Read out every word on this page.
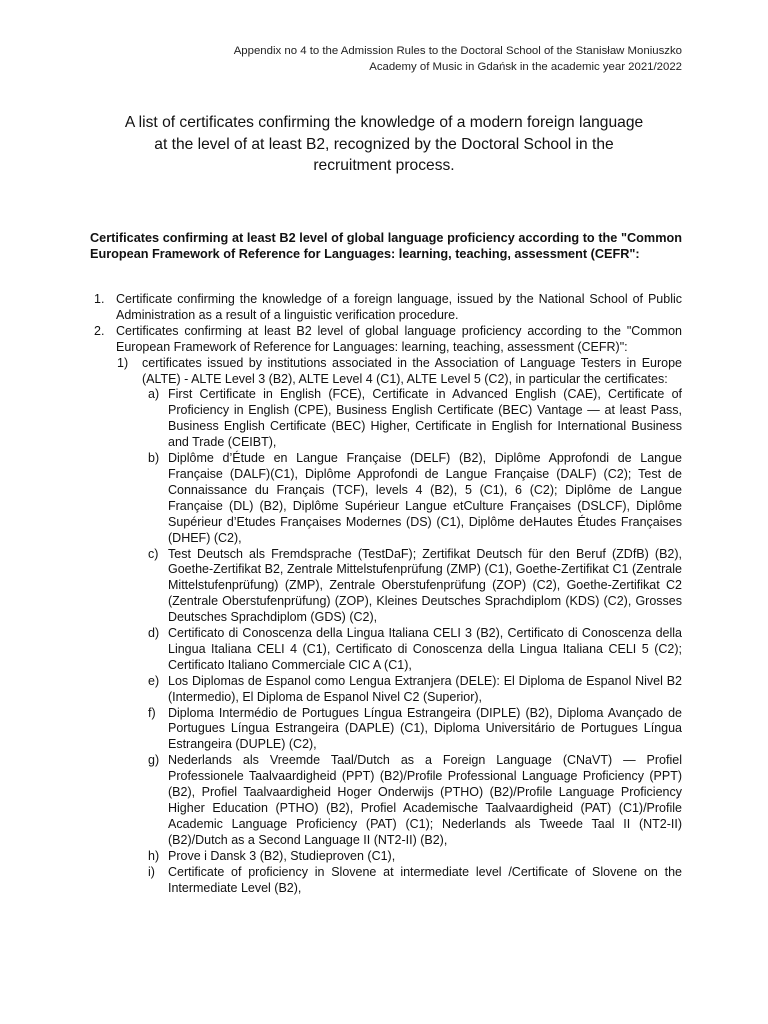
Appendix no 4 to the Admission Rules to the Doctoral School of the Stanisław Moniuszko
Academy of Music in Gdańsk in the academic year 2021/2022
A list of certificates confirming the knowledge of a modern foreign language
at the level of at least B2, recognized by the Doctoral School in the
recruitment process.
Certificates confirming at least B2 level of global language proficiency according to the "Common European Framework of Reference for Languages: learning, teaching, assessment (CEFR":
1. Certificate confirming the knowledge of a foreign language, issued by the National School of Public Administration as a result of a linguistic verification procedure.
2. Certificates confirming at least B2 level of global language proficiency according to the "Common European Framework of Reference for Languages: learning, teaching, assessment (CEFR)":
1) certificates issued by institutions associated in the Association of Language Testers in Europe (ALTE) - ALTE Level 3 (B2), ALTE Level 4 (C1), ALTE Level 5 (C2), in particular the certificates:
a) First Certificate in English (FCE), Certificate in Advanced English (CAE), Certificate of Proficiency in English (CPE), Business English Certificate (BEC) Vantage — at least Pass, Business English Certificate (BEC) Higher, Certificate in English for International Business and Trade (CEIBT),
b) Diplôme d’Étude en Langue Française (DELF) (B2), Diplôme Approfondi de Langue Française (DALF)(C1), Diplôme Approfondi de Langue Française (DALF) (C2); Test de Connaissance du Français (TCF), levels 4 (B2), 5 (C1), 6 (C2); Diplôme de Langue Française (DL) (B2), Diplôme Supérieur Langue etCulture Françaises (DSLCF), Diplôme Supérieur d’Etudes Françaises Modernes (DS) (C1), Diplôme deHautes Études Françaises (DHEF) (C2),
c) Test Deutsch als Fremdsprache (TestDaF); Zertifikat Deutsch für den Beruf (ZDfB) (B2), Goethe-Zertifikat B2, Zentrale Mittelstufenprüfung (ZMP) (C1), Goethe-Zertifikat C1 (Zentrale Mittelstufenprüfung) (ZMP), Zentrale Oberstufenprüfung (ZOP) (C2), Goethe-Zertifikat C2 (Zentrale Oberstufenprüfung) (ZOP), Kleines Deutsches Sprachdiplom (KDS) (C2), Grosses Deutsches Sprachdiplom (GDS) (C2),
d) Certificato di Conoscenza della Lingua Italiana CELI 3 (B2), Certificato di Conoscenza della Lingua Italiana CELI 4 (C1), Certificato di Conoscenza della Lingua Italiana CELI 5 (C2); Certificato Italiano Commerciale CIC A (C1),
e) Los Diplomas de Espanol como Lengua Extranjera (DELE): El Diploma de Espanol Nivel B2 (Intermedio), El Diploma de Espanol Nivel C2 (Superior),
f) Diploma Intermédio de Portugues Língua Estrangeira (DIPLE) (B2), Diploma Avançado de Portugues Língua Estrangeira (DAPLE) (C1), Diploma Universitário de Portugues Língua Estrangeira (DUPLE) (C2),
g) Nederlands als Vreemde Taal/Dutch as a Foreign Language (CNaVT) — Profiel Professionele Taalvaardigheid (PPT) (B2)/Profile Professional Language Proficiency (PPT) (B2), Profiel Taalvaardigheid Hoger Onderwijs (PTHO) (B2)/Profile Language Proficiency Higher Education (PTHO) (B2), Profiel Academische Taalvaardigheid (PAT) (C1)/Profile Academic Language Proficiency (PAT) (C1); Nederlands als Tweede Taal II (NT2-II) (B2)/Dutch as a Second Language II (NT2-II) (B2),
h) Prove i Dansk 3 (B2), Studieproven (C1),
i) Certificate of proficiency in Slovene at intermediate level /Certificate of Slovene on the Intermediate Level (B2),
